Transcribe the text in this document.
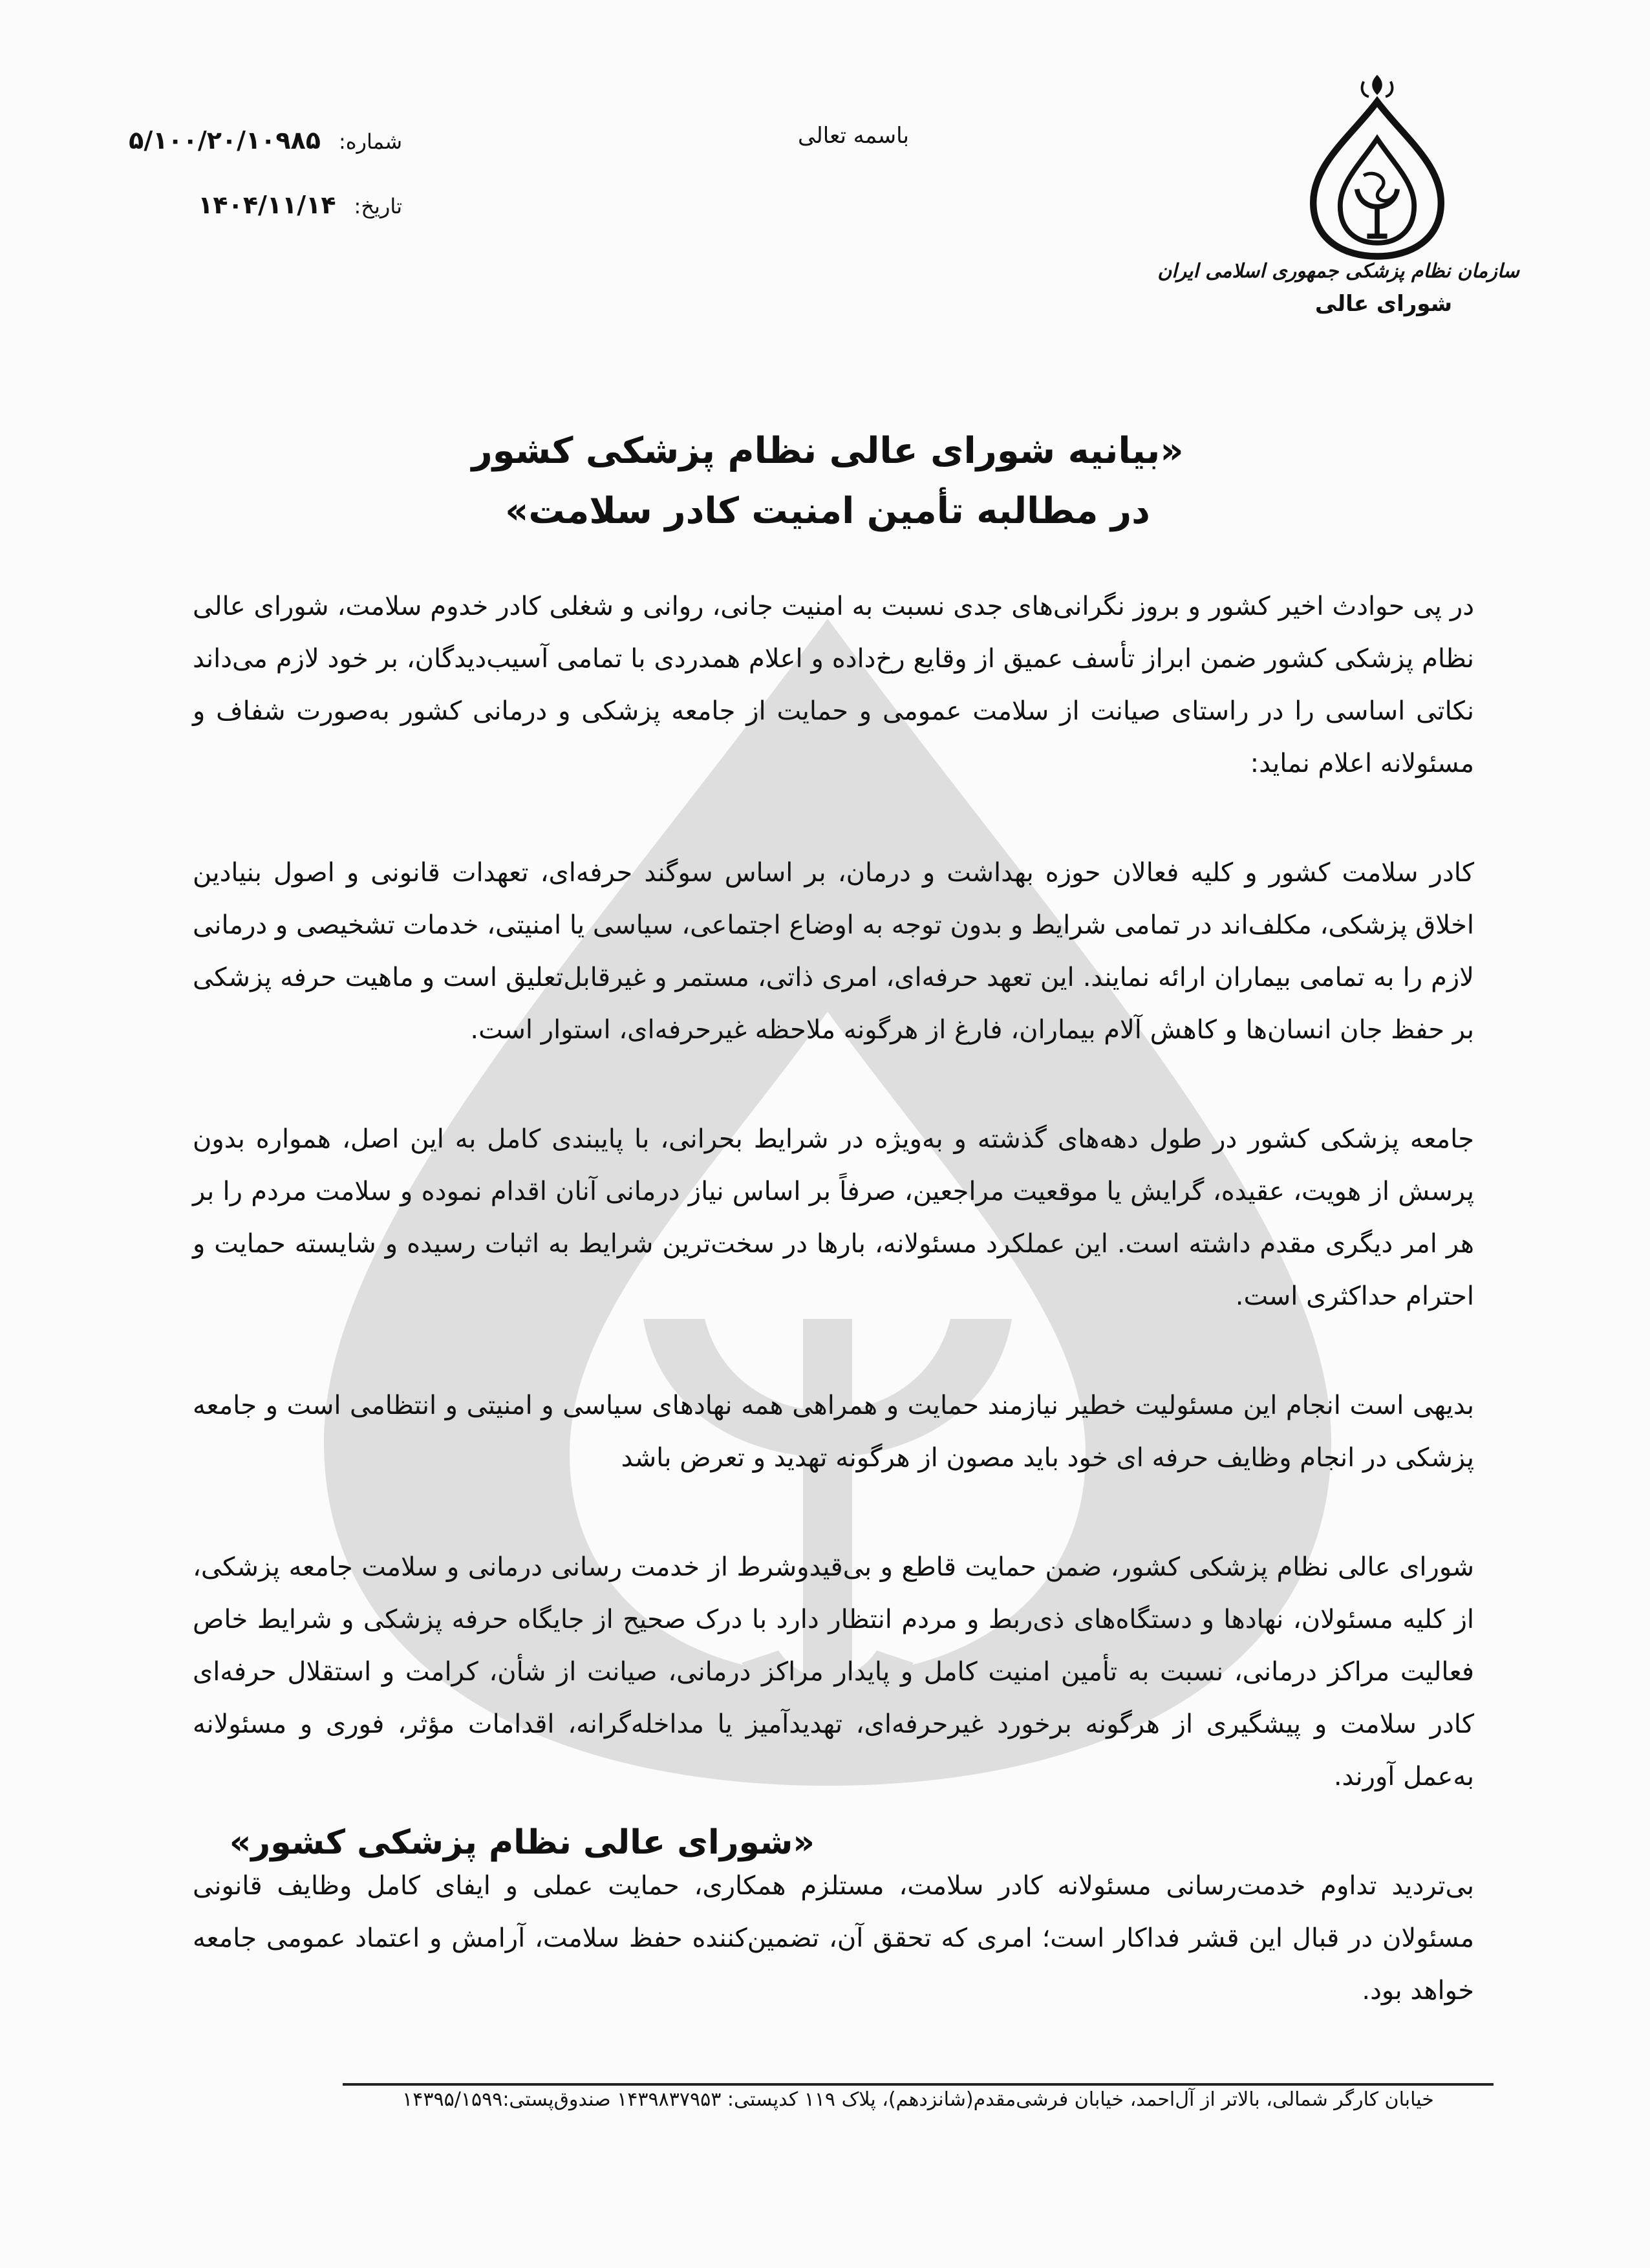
سازمان نظام پزشکی جمهوری اسلامی ایران
شورای عالی
باسمه تعالی
شماره:
۵/۱۰۰/۲۰/۱۰۹۸۵
تاریخ:
۱۴۰۴/۱۱/۱۴
«بیانیه شورای عالی نظام پزشکی کشور
در مطالبه تأمین امنیت کادر سلامت»

در پی حوادث اخیر کشور و بروز نگرانی‌های جدی نسبت به امنیت جانی، روانی و شغلی کادر خدوم سلامت، شورای عالی نظام پزشکی کشور ضمن ابراز تأسف عمیق از وقایع رخ‌داده و اعلام همدردی با تمامی آسیب‌دیدگان، بر خود لازم می‌داند نکاتی اساسی را در راستای صیانت از سلامت عمومی و حمایت از جامعه پزشکی و درمانی کشور به‌صورت شفاف و مسئولانه اعلام نماید:

کادر سلامت کشور و کلیه فعالان حوزه بهداشت و درمان، بر اساس سوگند حرفه‌ای، تعهدات قانونی و اصول بنیادین اخلاق پزشکی، مکلف‌اند در تمامی شرایط و بدون توجه به اوضاع اجتماعی، سیاسی یا امنیتی، خدمات تشخیصی و درمانی لازم را به تمامی بیماران ارائه نمایند. این تعهد حرفه‌ای، امری ذاتی، مستمر و غیرقابل‌تعلیق است و ماهیت حرفه پزشکی بر حفظ جان انسان‌ها و کاهش آلام بیماران، فارغ از هرگونه ملاحظه غیرحرفه‌ای، استوار است.

جامعه پزشکی کشور در طول دهه‌های گذشته و به‌ویژه در شرایط بحرانی، با پایبندی کامل به این اصل، همواره بدون پرسش از هویت، عقیده، گرایش یا موقعیت مراجعین، صرفاً بر اساس نیاز درمانی آنان اقدام نموده و سلامت مردم را بر هر امر دیگری مقدم داشته است. این عملکرد مسئولانه، بارها در سخت‌ترین شرایط به اثبات رسیده و شایسته حمایت و احترام حداکثری است.

بدیهی است انجام این مسئولیت خطیر نیازمند حمایت و همراهی همه نهادهای سیاسی و امنیتی و انتظامی است و جامعه پزشکی در انجام وظایف حرفه ای خود باید مصون از هرگونه تهدید و تعرض باشد

شورای عالی نظام پزشکی کشور، ضمن حمایت قاطع و بی‌قیدوشرط از خدمت رسانی درمانی و سلامت جامعه پزشکی، از کلیه مسئولان، نهادها و دستگاه‌های ذی‌ربط و مردم انتظار دارد با درک صحیح از جایگاه حرفه پزشکی و شرایط خاص فعالیت مراکز درمانی، نسبت به تأمین امنیت کامل و پایدار مراکز درمانی، صیانت از شأن، کرامت و استقلال حرفه‌ای کادر سلامت و پیشگیری از هرگونه برخورد غیرحرفه‌ای، تهدیدآمیز یا مداخله‌گرانه، اقدامات مؤثر، فوری و مسئولانه به‌عمل آورند.

بی‌تردید تداوم خدمت‌رسانی مسئولانه کادر سلامت، مستلزم همکاری، حمایت عملی و ایفای کامل وظایف قانونی مسئولان در قبال این قشر فداکار است؛ امری که تحقق آن، تضمین‌کننده حفظ سلامت، آرامش و اعتماد عمومی جامعه خواهد بود.

«شورای عالی نظام پزشکی کشور»
خیابان کارگر شمالی، بالاتر از آل‌احمد، خیابان فرشی‌مقدم(شانزدهم)، پلاک ۱۱۹ کدپستی: ۱۴۳۹۸۳۷۹۵۳ صندوق‌پستی:۱۴۳۹۵/۱۵۹۹
